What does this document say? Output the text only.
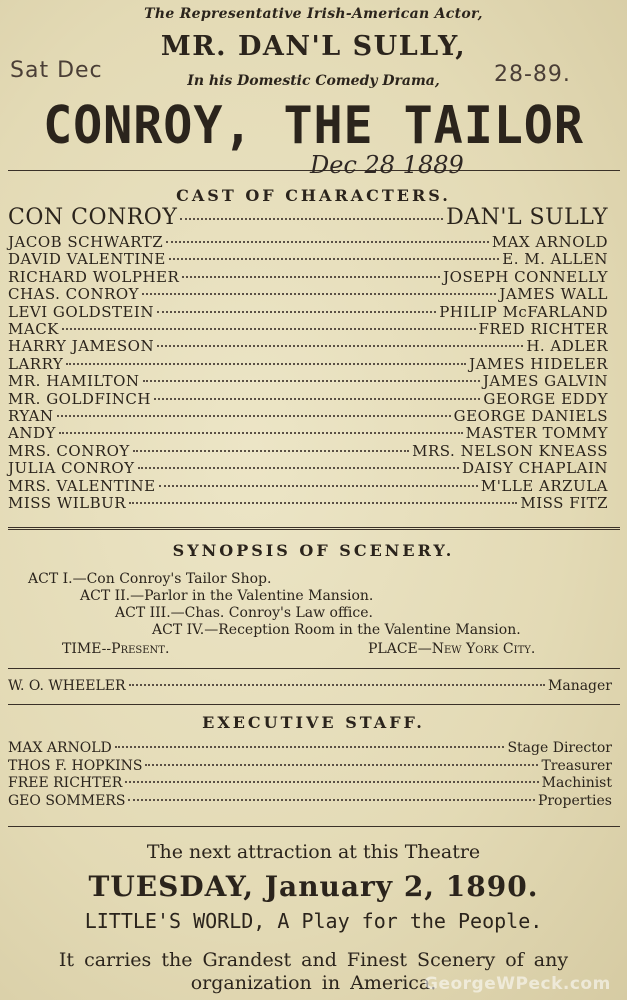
The Representative Irish-American Actor,
MR. DAN'L SULLY,
In his Domestic Comedy Drama,
Sat Dec	28-89.
CONROY, THE TAILOR
Dec 28 1889
CAST OF CHARACTERS.
CON CONROY	DAN'L SULLY
JACOB SCHWARTZ	MAX ARNOLD
DAVID VALENTINE	E. M. ALLEN
RICHARD WOLPHER	JOSEPH CONNELLY
CHAS. CONROY	JAMES WALL
LEVI GOLDSTEIN	PHILIP McFARLAND
MACK	FRED RICHTER
HARRY JAMESON	H. ADLER
LARRY	JAMES HIDELER
MR. HAMILTON	JAMES GALVIN
MR. GOLDFINCH	GEORGE EDDY
RYAN	GEORGE DANIELS
ANDY	MASTER TOMMY
MRS. CONROY	MRS. NELSON KNEASS
JULIA CONROY	DAISY CHAPLAIN
MRS. VALENTINE	M'LLE ARZULA
MISS WILBUR	MISS FITZ
SYNOPSIS OF SCENERY.
ACT I.—Con Conroy's Tailor Shop.
ACT II.—Parlor in the Valentine Mansion.
ACT III.—Chas. Conroy's Law office.
ACT IV.—Reception Room in the Valentine Mansion.
TIME--Present.	PLACE—New York City.
W. O. WHEELER	Manager
EXECUTIVE STAFF.
MAX ARNOLD	Stage Director
THOS F. HOPKINS	Treasurer
FREE RICHTER	Machinist
GEO SOMMERS	Properties
The next attraction at this Theatre
TUESDAY, January 2, 1890.
LITTLE'S WORLD, A Play for the People.
It carries the Grandest and Finest Scenery of any
organization in America.
GeorgeWPeck.com
